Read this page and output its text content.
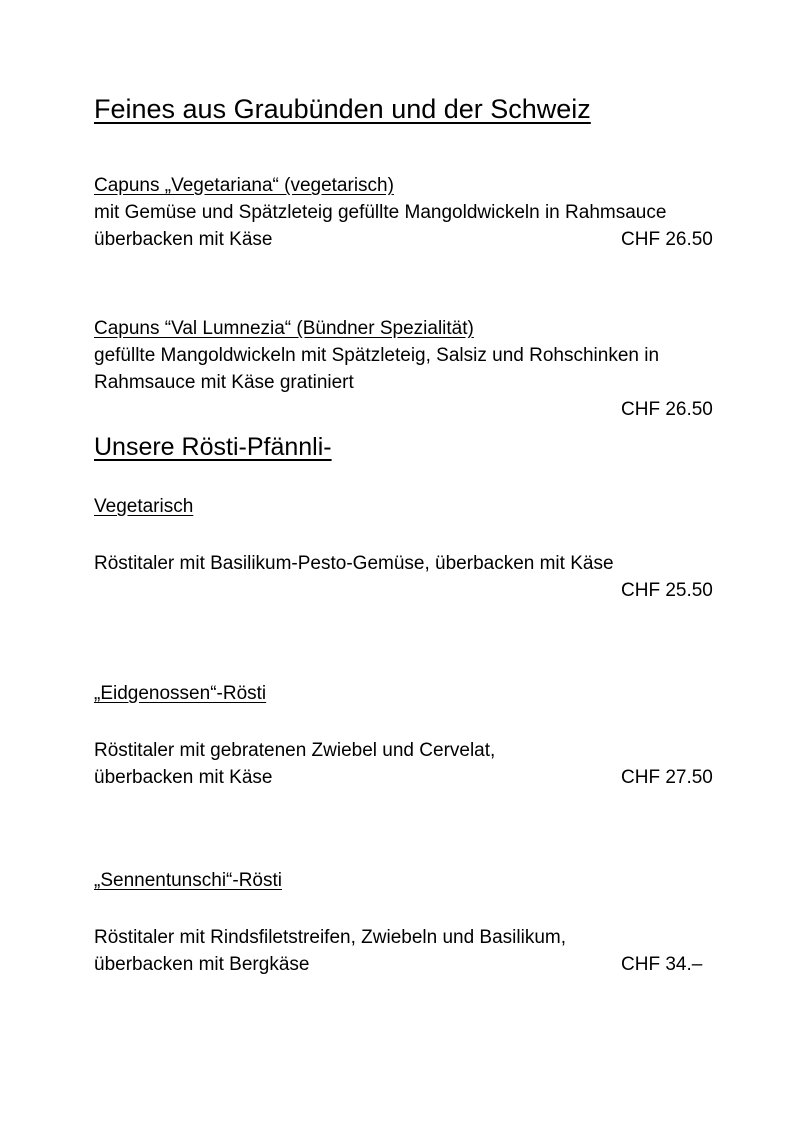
Feines aus Graubünden und der Schweiz
Capuns „Vegetariana“ (vegetarisch)
mit Gemüse und Spätzleteig gefüllte Mangoldwickeln in Rahmsauce
überbacken mit Käse	CHF 26.50
Capuns “Val Lumnezia“ (Bündner Spezialität)
gefüllte Mangoldwickeln mit Spätzleteig, Salsiz und Rohschinken in
Rahmsauce mit Käse gratiniert
CHF 26.50
Unsere Rösti-Pfännli-
Vegetarisch
Röstitaler mit Basilikum-Pesto-Gemüse, überbacken mit Käse
CHF 25.50
„Eidgenossen“-Rösti
Röstitaler mit gebratenen Zwiebel und Cervelat,
überbacken mit Käse	CHF 27.50
„Sennentunschi“-Rösti
Röstitaler mit Rindsfiletstreifen, Zwiebeln und Basilikum,
überbacken mit Bergkäse	CHF 34.–
